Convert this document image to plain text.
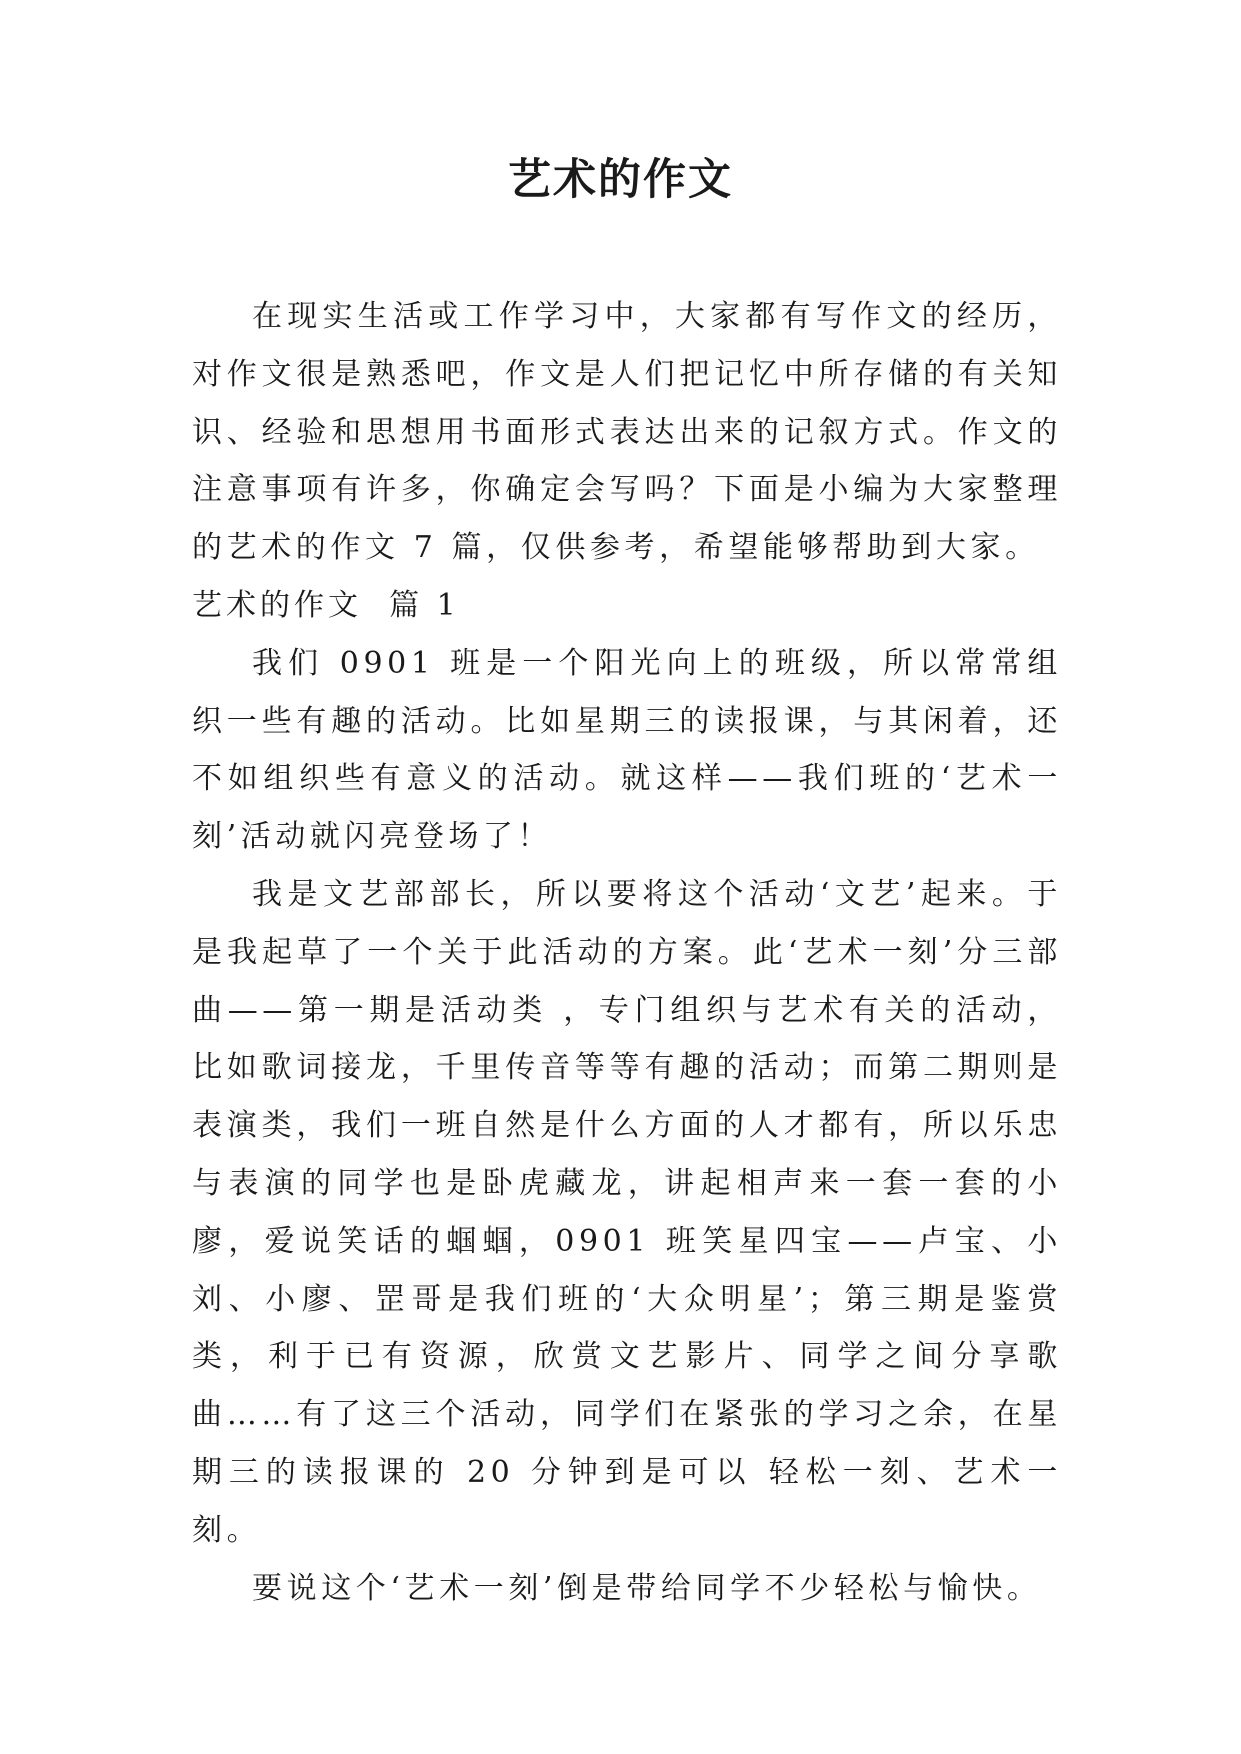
艺术的作文

在现实生活或工作学习中，大家都有写作文的经历，对作文很是熟悉吧，作文是人们把记忆中所存储的有关知识、经验和思想用书面形式表达出来的记叙方式。作文的注意事项有许多，你确定会写吗？下面是小编为大家整理的艺术的作文 7 篇，仅供参考，希望能够帮助到大家。

艺术的作文  篇 1

我们 0901 班是一个阳光向上的班级，所以常常组织一些有趣的活动。比如星期三的读报课，与其闲着，还不如组织些有意义的活动。就这样——我们班的‘艺术一刻’活动就闪亮登场了！

我是文艺部部长，所以要将这个活动‘文艺’起来。于是我起草了一个关于此活动的方案。此‘艺术一刻’分三部曲——第一期是活动类 ，专门组织与艺术有关的活动，比如歌词接龙，千里传音等等有趣的活动；而第二期则是表演类，我们一班自然是什么方面的人才都有，所以乐忠与表演的同学也是卧虎藏龙，讲起相声来一套一套的小廖，爱说笑话的蝈蝈，0901 班笑星四宝——卢宝、小刘、小廖、罡哥是我们班的‘大众明星’；第三期是鉴赏类，利于已有资源，欣赏文艺影片、同学之间分享歌曲……有了这三个活动，同学们在紧张的学习之余，在星期三的读报课的 20 分钟到是可以 轻松一刻、艺术一刻。

要说这个‘艺术一刻’倒是带给同学不少轻松与愉快。
